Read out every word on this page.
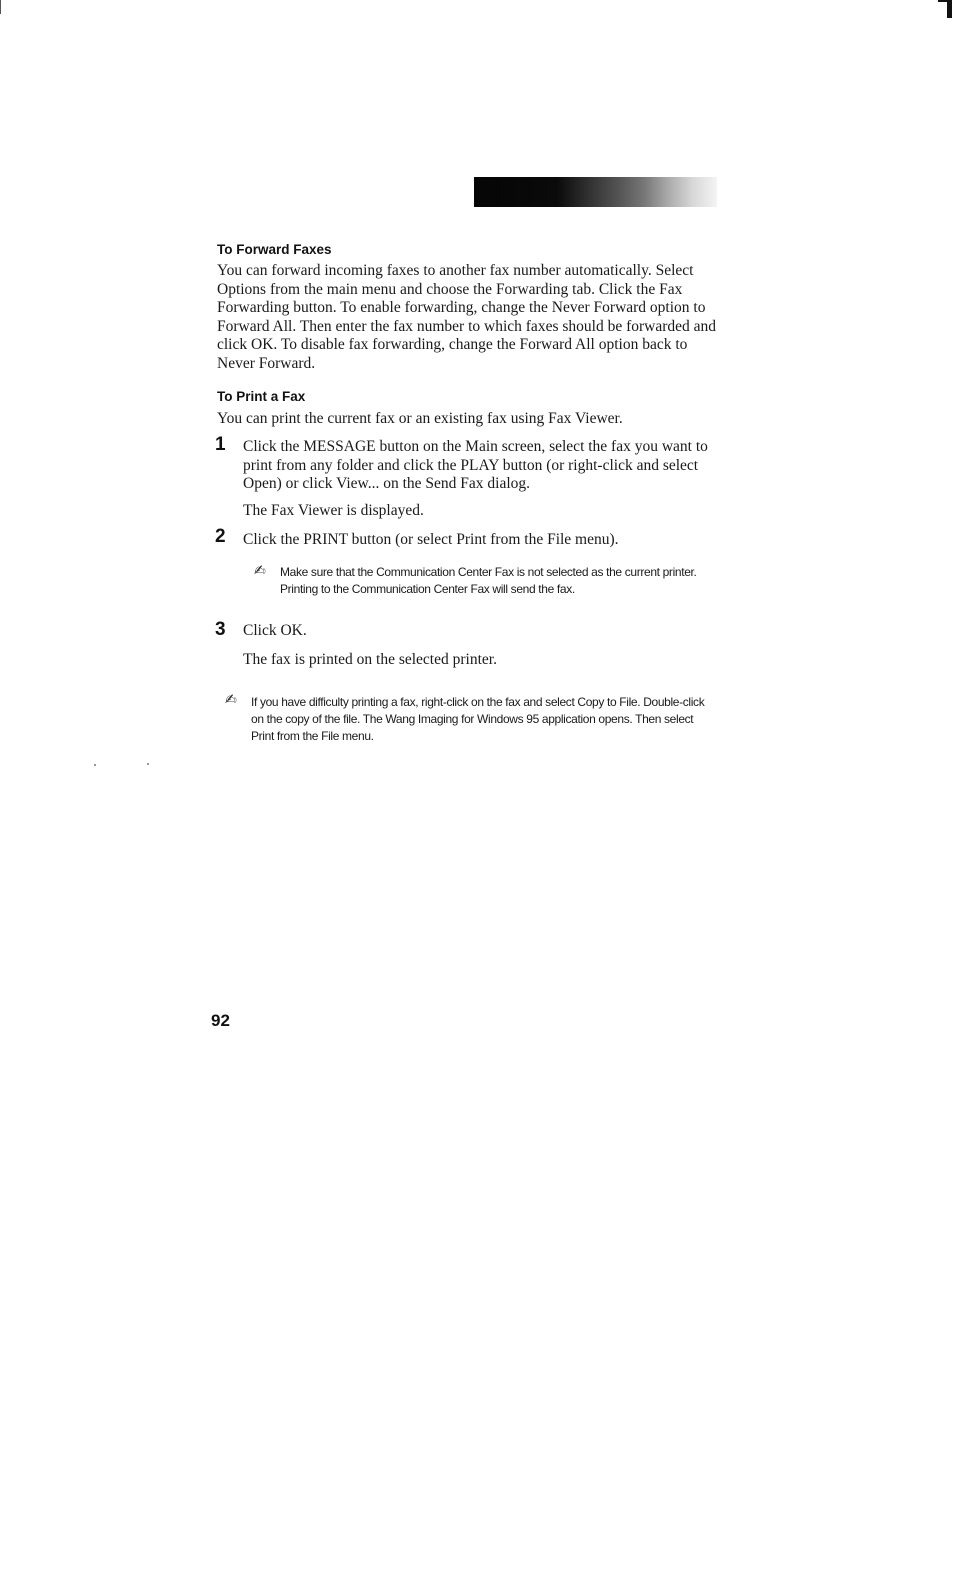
To Forward Faxes

You can forward incoming faxes to another fax number automatically. Select Options from the main menu and choose the Forwarding tab. Click the Fax Forwarding button. To enable forwarding, change the Never Forward option to Forward All. Then enter the fax number to which faxes should be forwarded and click OK. To disable fax forwarding, change the Forward All option back to Never Forward.

To Print a Fax

You can print the current fax or an existing fax using Fax Viewer.

1 Click the MESSAGE button on the Main screen, select the fax you want to print from any folder and click the PLAY button (or right-click and select Open) or click View... on the Send Fax dialog.

The Fax Viewer is displayed.

2 Click the PRINT button (or select Print from the File menu).

✍ Make sure that the Communication Center Fax is not selected as the current printer. Printing to the Communication Center Fax will send the fax.

3 Click OK.

The fax is printed on the selected printer.

✍ If you have difficulty printing a fax, right-click on the fax and select Copy to File. Double-click on the copy of the file. The Wang Imaging for Windows 95 application opens. Then select Print from the File menu.

92
